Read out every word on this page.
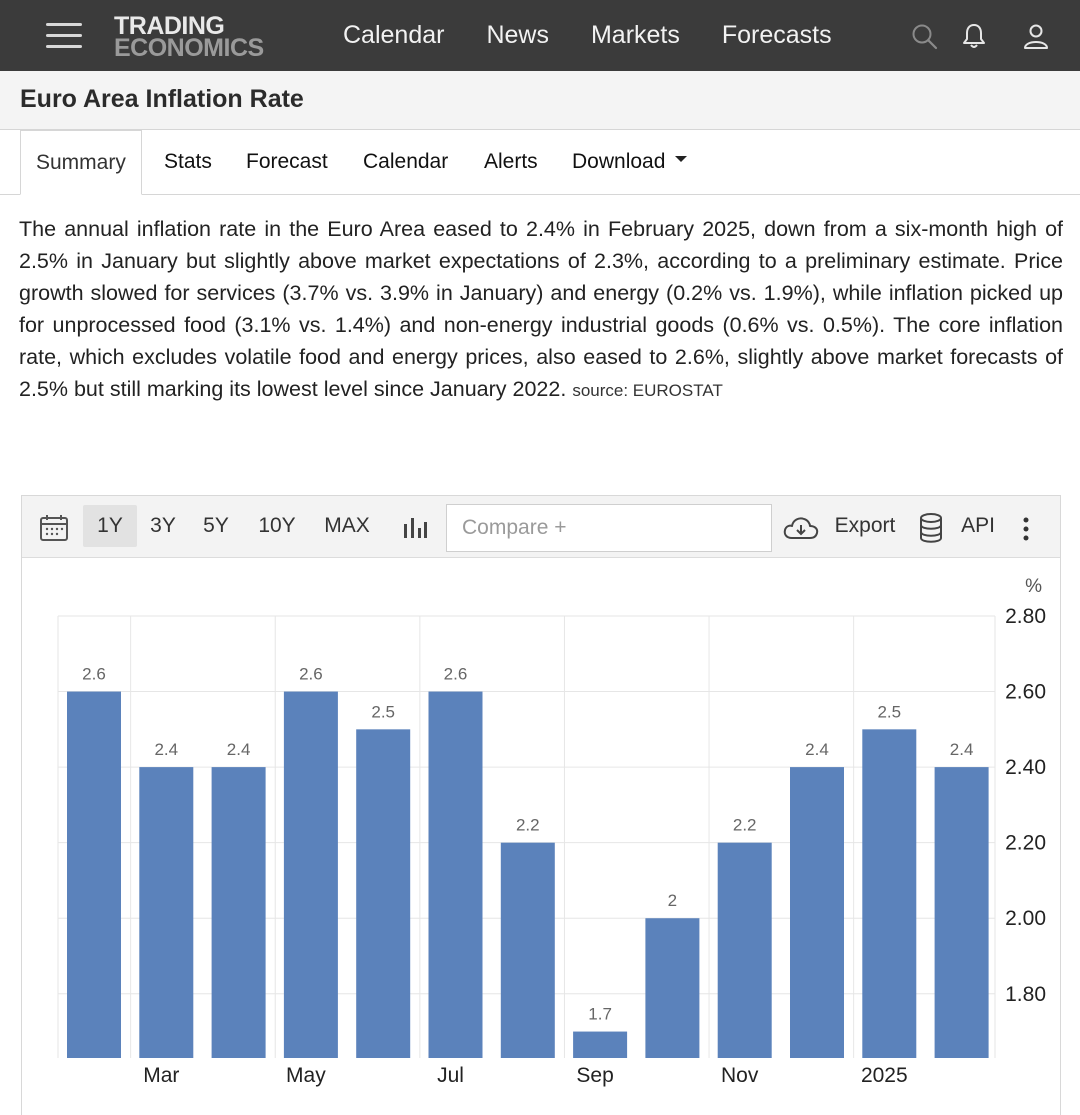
TRADING
ECONOMICS	Calendar News Markets Forecasts
Euro Area Inflation Rate
Summary	Stats Forecast Calendar Alerts Download

The annual inflation rate in the Euro Area eased to 2.4% in February 2025, down from a six-month high of 2.5% in January but slightly above market expectations of 2.3%, according to a preliminary estimate. Price growth slowed for services (3.7% vs. 3.9% in January) and energy (0.2% vs. 1.9%), while inflation picked up for unprocessed food (3.1% vs. 1.4%) and non-energy industrial goods (0.6% vs. 0.5%). The core inflation rate, which excludes volatile food and energy prices, also eased to 2.6%, slightly above market forecasts of 2.5% but still marking its lowest level since January 2022. source: EUROSTAT

1Y	3Y	5Y	10Y	MAX
Compare +	Export	API
%
2.6
2.4	2.4
2.6
2.5
2.6
2.2
1.7
2
2.2
2.4
2.5
2.4
1.80
2.00
2.20
2.40
2.60
2.80
Mar	May	Jul	Sep	Nov	2025
